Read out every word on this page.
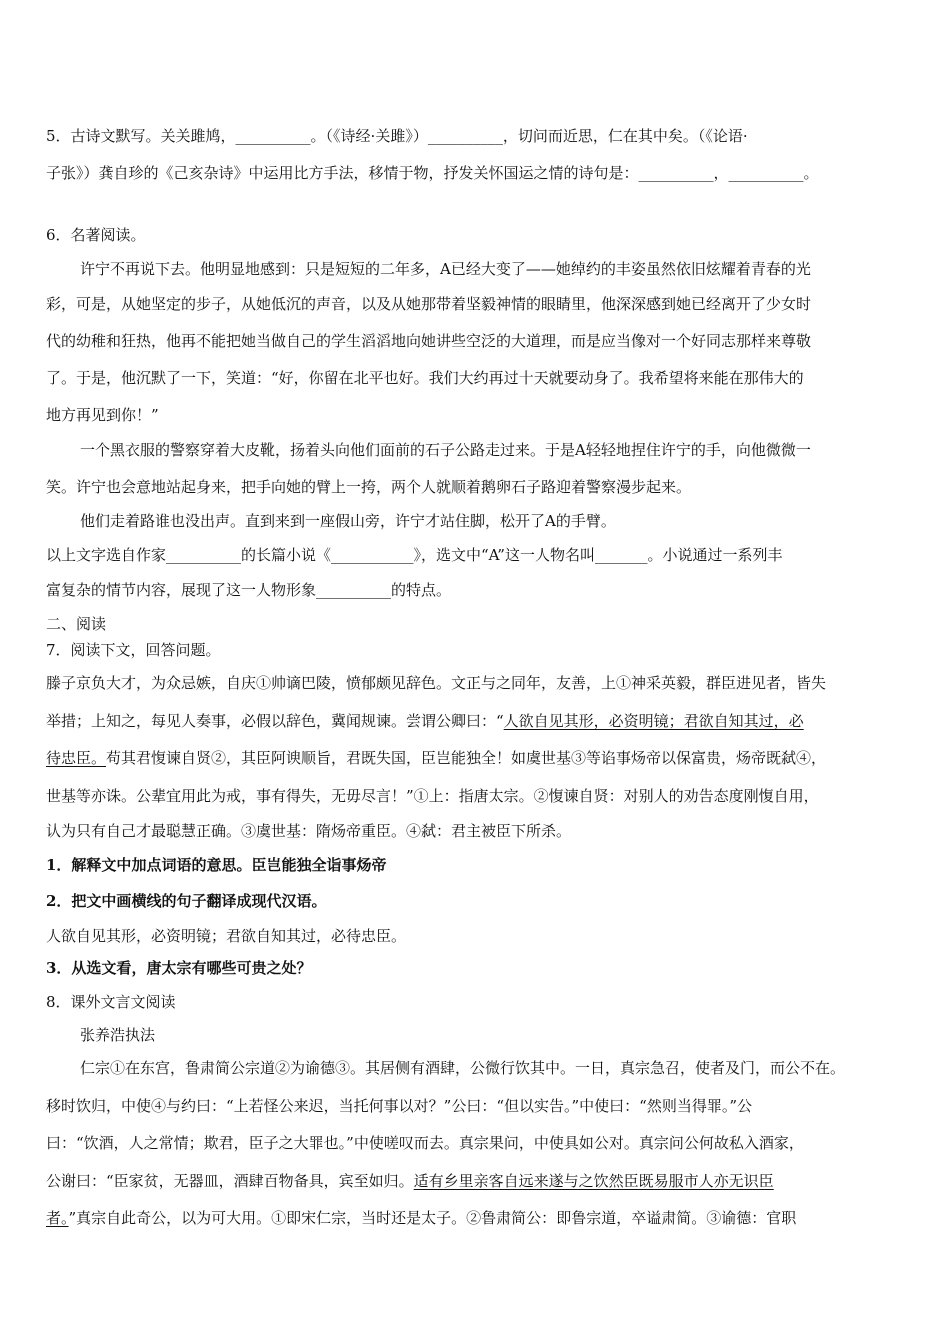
5．古诗文默写。关关雎鸠，__________。（《诗经·关雎》）__________，切问而近思，仁在其中矣。（《论语·
子张》）龚自珍的《己亥杂诗》中运用比方手法，移情于物，抒发关怀国运之情的诗句是：__________，__________。
6．名著阅读。
许宁不再说下去。他明显地感到：只是短短的二年多，A已经大变了——她绰约的丰姿虽然依旧炫耀着青春的光
彩，可是，从她坚定的步子，从她低沉的声音，以及从她那带着坚毅神情的眼睛里，他深深感到她已经离开了少女时
代的幼稚和狂热，他再不能把她当做自己的学生滔滔地向她讲些空泛的大道理，而是应当像对一个好同志那样来尊敬
了。于是，他沉默了一下，笑道：“好，你留在北平也好。我们大约再过十天就要动身了。我希望将来能在那伟大的
地方再见到你！”
一个黑衣服的警察穿着大皮靴，扬着头向他们面前的石子公路走过来。于是A轻轻地捏住许宁的手，向他微微一
笑。许宁也会意地站起身来，把手向她的臂上一挎，两个人就顺着鹅卵石子路迎着警察漫步起来。
他们走着路谁也没出声。直到来到一座假山旁，许宁才站住脚，松开了A的手臂。
以上文字选自作家__________的长篇小说《___________》，选文中“A”这一人物名叫_______。小说通过一系列丰
富复杂的情节内容，展现了这一人物形象__________的特点。
二、阅读
7．阅读下文，回答问题。
滕子京负大才，为众忌嫉，自庆①帅谪巴陵，愤郁颇见辞色。文正与之同年，友善，上①神采英毅，群臣进见者，皆失
举措；上知之，每见人奏事，必假以辞色，冀闻规谏。尝谓公卿曰：“人欲自见其形，必资明镜；君欲自知其过，必
待忠臣。苟其君愎谏自贤②，其臣阿谀顺旨，君既失国，臣岂能独全！如虞世基③等谄事炀帝以保富贵，炀帝既弑④，
世基等亦诛。公辈宜用此为戒，事有得失，无毋尽言！”①上：指唐太宗。②愎谏自贤：对别人的劝告态度刚愎自用，
认为只有自己才最聪慧正确。③虞世基：隋炀帝重臣。④弑：君主被臣下所杀。
1．解释文中加点词语的意思。臣岂能独全诣事炀帝
2．把文中画横线的句子翻译成现代汉语。
人欲自见其形，必资明镜；君欲自知其过，必待忠臣。
3．从选文看，唐太宗有哪些可贵之处？
8．课外文言文阅读
张养浩执法
仁宗①在东宫，鲁肃简公宗道②为谕德③。其居侧有酒肆，公微行饮其中。一日，真宗急召，使者及门，而公不在。
移时饮归，中使④与约曰：“上若怪公来迟，当托何事以对？”公曰：“但以实告。”中使曰：“然则当得罪。”公
曰：“饮酒，人之常情；欺君，臣子之大罪也。”中使嗟叹而去。真宗果问，中使具如公对。真宗问公何故私入酒家，
公谢曰：“臣家贫，无器皿，酒肆百物备具，宾至如归。适有乡里亲客自远来遂与之饮然臣既易服市人亦无识臣
者。”真宗自此奇公，以为可大用。①即宋仁宗，当时还是太子。②鲁肃简公：即鲁宗道，卒谥肃简。③谕德：官职
